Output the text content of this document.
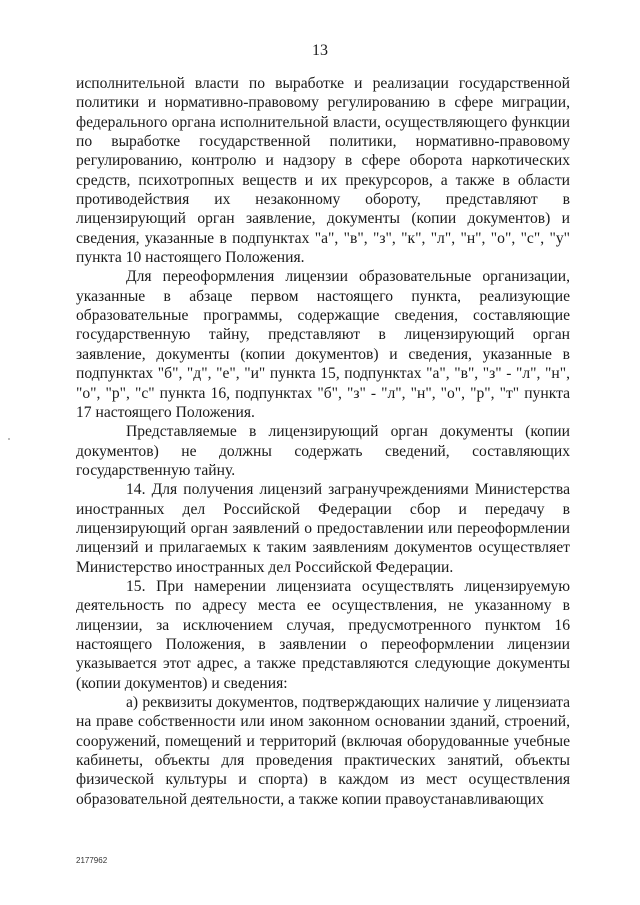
13

исполнительной власти по выработке и реализации государственной политики и нормативно-правовому регулированию в сфере миграции, федерального органа исполнительной власти, осуществляющего функции по выработке государственной политики, нормативно-правовому регулированию, контролю и надзору в сфере оборота наркотических средств, психотропных веществ и их прекурсоров, а также в области противодействия их незаконному обороту, представляют в лицензирующий орган заявление, документы (копии документов) и сведения, указанные в подпунктах "а", "в", "з", "к", "л", "н", "о", "с", "у" пункта 10 настоящего Положения.

Для переоформления лицензии образовательные организации, указанные в абзаце первом настоящего пункта, реализующие образовательные программы, содержащие сведения, составляющие государственную тайну, представляют в лицензирующий орган заявление, документы (копии документов) и сведения, указанные в подпунктах "б", "д", "е", "и" пункта 15, подпунктах "а", "в", "з" - "л", "н", "о", "р", "с" пункта 16, подпунктах "б", "з" - "л", "н", "о", "р", "т" пункта 17 настоящего Положения.

Представляемые в лицензирующий орган документы (копии документов) не должны содержать сведений, составляющих государственную тайну.

14. Для получения лицензий загранучреждениями Министерства иностранных дел Российской Федерации сбор и передачу в лицензирующий орган заявлений о предоставлении или переоформлении лицензий и прилагаемых к таким заявлениям документов осуществляет Министерство иностранных дел Российской Федерации.

15. При намерении лицензиата осуществлять лицензируемую деятельность по адресу места ее осуществления, не указанному в лицензии, за исключением случая, предусмотренного пунктом 16 настоящего Положения, в заявлении о переоформлении лицензии указывается этот адрес, а также представляются следующие документы (копии документов) и сведения:

а) реквизиты документов, подтверждающих наличие у лицензиата на праве собственности или ином законном основании зданий, строений, сооружений, помещений и территорий (включая оборудованные учебные кабинеты, объекты для проведения практических занятий, объекты физической культуры и спорта) в каждом из мест осуществления образовательной деятельности, а также копии правоустанавливающих

2177962
